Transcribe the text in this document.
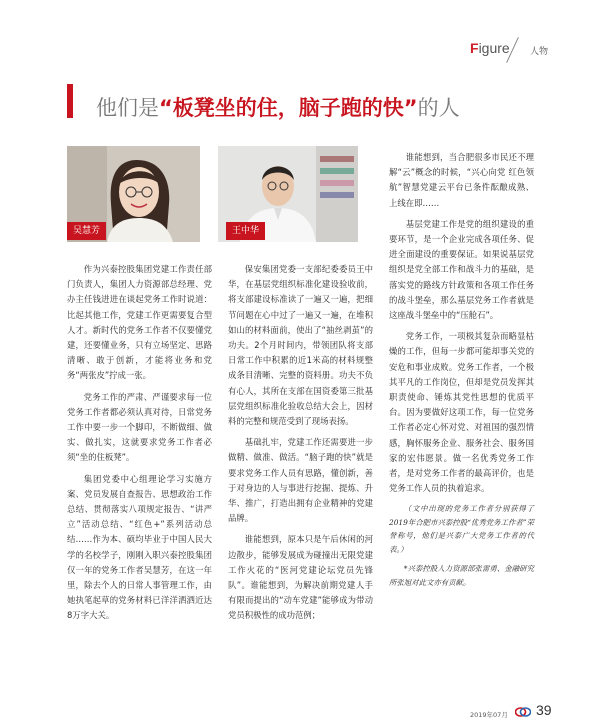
Figure 人物
他们是“板凳坐的住，脑子跑的快”的人
吴慧芳	王中华

作为兴泰控股集团党建工作责任部门负责人，集团人力资源部总经理、党办主任钱进进在谈起党务工作时说道：比起其他工作，党建工作更需要复合型人才。新时代的党务工作者不仅要懂党建，还要懂业务，只有立场坚定、思路清晰、敢于创新，才能将业务和党务“两张皮”拧成一张。

党务工作的严肃、严谨要求每一位党务工作者都必须认真对待，日常党务工作中要一步一个脚印，不断做细、做实、做扎实，这就要求党务工作者必须“坐的住板凳”。

集团党委中心组理论学习实施方案、党员发展自查报告、思想政治工作总结、贯彻落实八项规定报告、“讲严立”活动总结、“红色+”系列活动总结……作为本、硕均毕业于中国人民大学的名校学子，刚刚入职兴泰控股集团仅一年的党务工作者吴慧芳，在这一年里，除去个人的日常人事管理工作，由她执笔起草的党务材料已洋洋洒洒近达8万字大关。

保安集团党委一支部纪委委员王中华，在基层党组织标准化建设验收前，将支部建设标准读了一遍又一遍，把细节问题在心中过了一遍又一遍，在堆积如山的材料面前，使出了“抽丝剥茧”的功夫。2个月时间内，带领团队将支部日常工作中积累的近1米高的材料规整成条目清晰、完整的资料册。功夫不负有心人，其所在支部在国资委第三批基层党组织标准化验收总结大会上，因材料的完整和规范受到了现场表扬。

基础扎牢，党建工作还需要进一步做精、做准、做活。“脑子跑的快”就是要求党务工作人员有思路，懂创新，善于对身边的人与事进行挖掘、提炼、升华、推广，打造出拥有企业精神的党建品牌。

谁能想到，原本只是午后休闲的河边散步，能够发展成为碰撞出无限党建工作火花的“医河党建论坛党员先锋队”。谁能想到，为解决前期党建人手有限而提出的“动车党建”能够成为带动党员积极性的成功范例；

谁能想到，当合肥很多市民还不理解“云”概念的时候，“兴心向党 红色领航”智慧党建云平台已条件酝酿成熟、上线在即……

基层党建工作是党的组织建设的重要环节，是一个企业完成各项任务、促进全面建设的重要保证。如果说基层党组织是党全部工作和战斗力的基础，是落实党的路线方针政策和各项工作任务的战斗堡垒，那么基层党务工作者就是这座战斗堡垒中的“压舱石”。

党务工作，一项极其复杂而略显枯燥的工作，但每一步都可能却事关党的安危和事业成败。党务工作者，一个极其平凡的工作岗位，但却是党员发挥其职责使命、锤炼其党性思想的优质平台。因为要做好这项工作，每一位党务工作者必定心怀对党、对祖国的强烈情感，胸怀服务企业、服务社会、服务国家的宏伟愿景。做一名优秀党务工作者，是对党务工作者的最高评价，也是党务工作人员的执着追求。

（文中出现的党务工作者分别获得了2019年合肥市兴泰控股“优秀党务工作者”荣誉称号，他们是兴泰广大党务工作者的代表。）

*兴泰控股人力资源部张雷勇、金融研究所张旭对此文亦有贡献。

2019年07月 39
